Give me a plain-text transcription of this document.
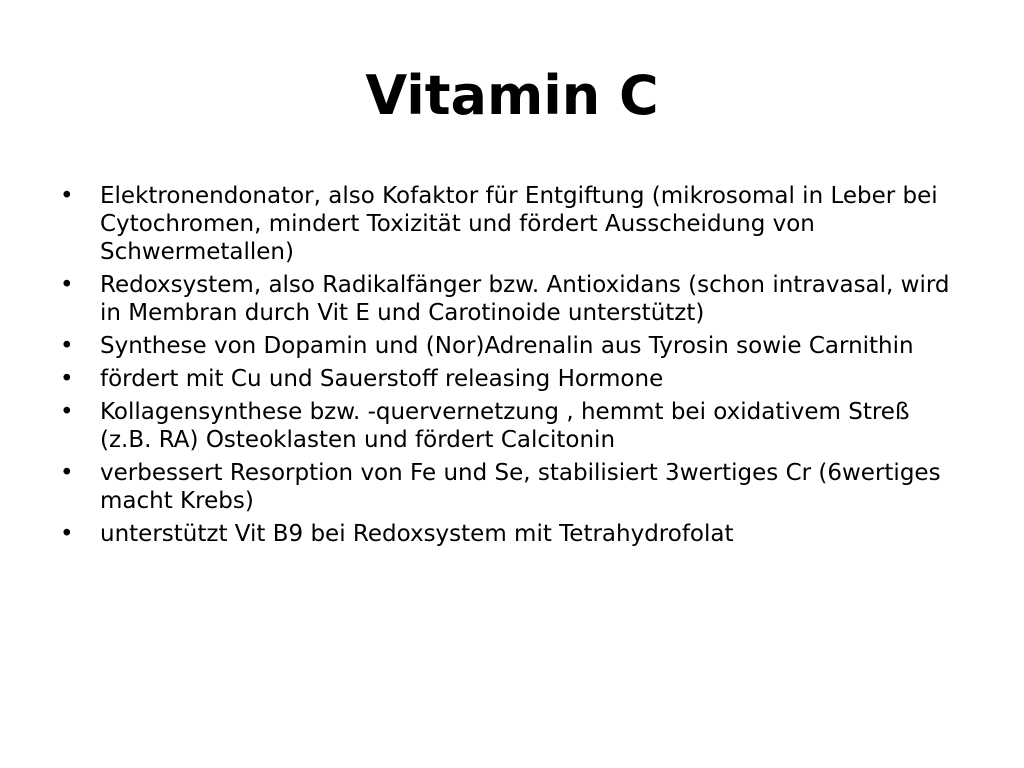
Vitamin C
• Elektronendonator, also Kofaktor für Entgiftung (mikrosomal in Leber bei Cytochromen, mindert Toxizität und fördert Ausscheidung von Schwermetallen)
• Redoxsystem, also Radikalfänger bzw. Antioxidans (schon intravasal, wird in Membran durch Vit E und Carotinoide unterstützt)
• Synthese von Dopamin und (Nor)Adrenalin aus Tyrosin sowie Carnithin
• fördert mit Cu und Sauerstoff releasing Hormone
• Kollagensynthese bzw. -quervernetzung , hemmt bei oxidativem Streß (z.B. RA) Osteoklasten und fördert Calcitonin
• verbessert Resorption von Fe und Se, stabilisiert 3wertiges Cr (6wertiges macht Krebs)
• unterstützt Vit B9 bei Redoxsystem mit Tetrahydrofolat
